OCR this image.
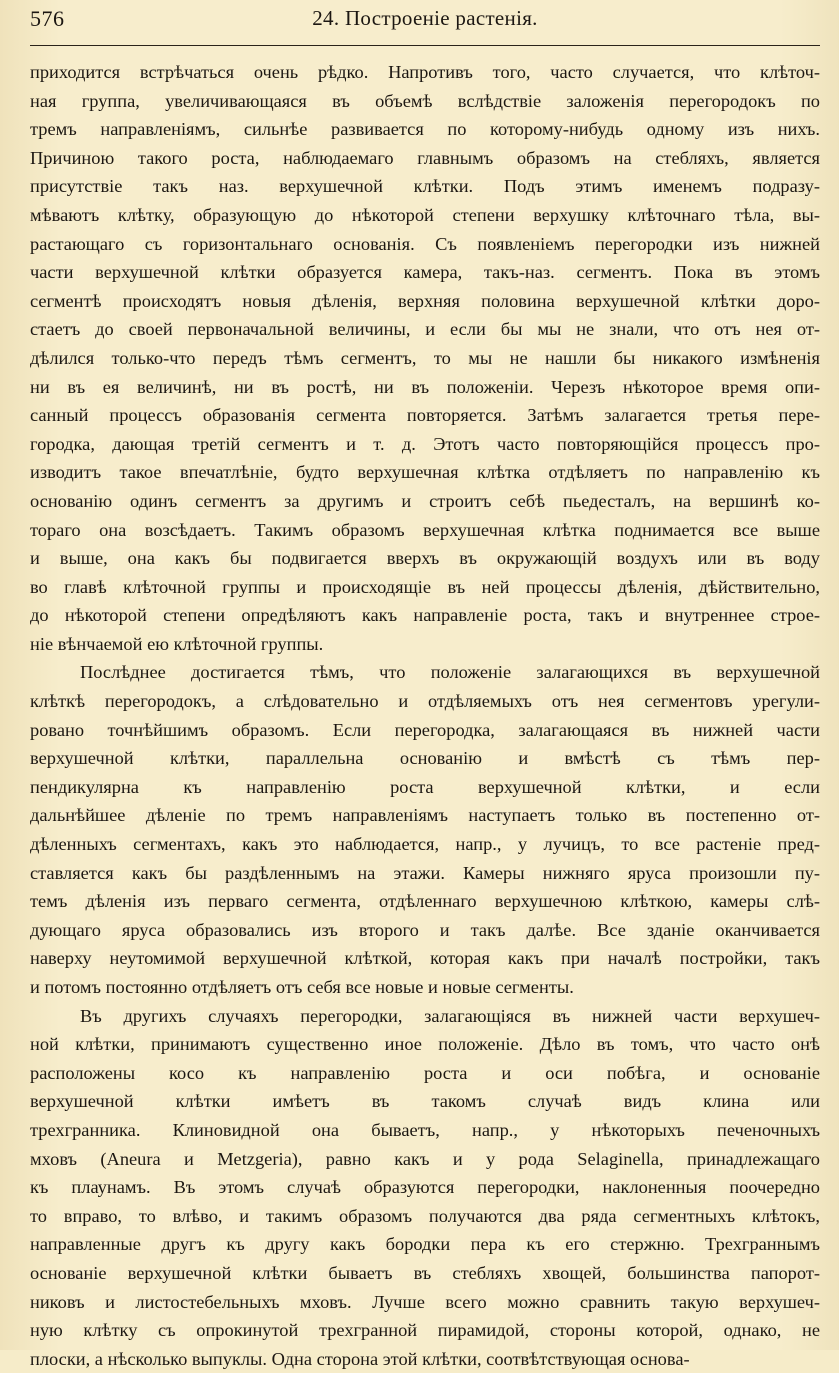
576	24. Построеніе растенія.
приходится встрѣчаться очень рѣдко. Напротивъ того, часто случается, что клѣточ-
ная группа, увеличивающаяся въ объемѣ вслѣдствіе заложенія перегородокъ по
тремъ направленіямъ, сильнѣе развивается по которому-нибудь одному изъ нихъ.
Причиною такого роста, наблюдаемаго главнымъ образомъ на стебляхъ, является
присутствіе такъ наз. верхушечной клѣтки. Подъ этимъ именемъ подразу-
мѣваютъ клѣтку, образующую до нѣкоторой степени верхушку клѣточнаго тѣла, вы-
растающаго съ горизонтальнаго основанія. Съ появленіемъ перегородки изъ нижней
части верхушечной клѣтки образуется камера, такъ-наз. сегментъ. Пока въ этомъ
сегментѣ происходятъ новыя дѣленія, верхняя половина верхушечной клѣтки доро-
стаетъ до своей первоначальной величины, и если бы мы не знали, что отъ нея от-
дѣлился только-что передъ тѣмъ сегментъ, то мы не нашли бы никакого измѣненія
ни въ ея величинѣ, ни въ ростѣ, ни въ положеніи. Черезъ нѣкоторое время опи-
санный процессъ образованія сегмента повторяется. Затѣмъ залагается третья пере-
городка, дающая третій сегментъ и т. д. Этотъ часто повторяющійся процессъ про-
изводитъ такое впечатлѣніе, будто верхушечная клѣтка отдѣляетъ по направленію къ
основанію одинъ сегментъ за другимъ и строитъ себѣ пьедесталъ, на вершинѣ ко-
тораго она возсѣдаетъ. Такимъ образомъ верхушечная клѣтка поднимается все выше
и выше, она какъ бы подвигается вверхъ въ окружающій воздухъ или въ воду
во главѣ клѣточной группы и происходящіе въ ней процессы дѣленія, дѣйствительно,
до нѣкоторой степени опредѣляютъ какъ направленіе роста, такъ и внутреннее строе-
ніе вѣнчаемой ею клѣточной группы.
Послѣднее достигается тѣмъ, что положеніе залагающихся въ верхушечной
клѣткѣ перегородокъ, а слѣдовательно и отдѣляемыхъ отъ нея сегментовъ урегули-
ровано точнѣйшимъ образомъ. Если перегородка, залагающаяся въ нижней части
верхушечной клѣтки, параллельна основанію и вмѣстѣ съ тѣмъ пер-
пендикулярна къ направленію роста верхушечной клѣтки, и если
дальнѣйшее дѣленіе по тремъ направленіямъ наступаетъ только въ постепенно от-
дѣленныхъ сегментахъ, какъ это наблюдается, напр., у лучицъ, то все растеніе пред-
ставляется какъ бы раздѣленнымъ на этажи. Камеры нижняго яруса произошли пу-
темъ дѣленія изъ перваго сегмента, отдѣленнаго верхушечною клѣткою, камеры слѣ-
дующаго яруса образовались изъ второго и такъ далѣе. Все зданіе оканчивается
наверху неутомимой верхушечной клѣткой, которая какъ при началѣ постройки, такъ
и потомъ постоянно отдѣляетъ отъ себя все новые и новые сегменты.
Въ другихъ случаяхъ перегородки, залагающіяся въ нижней части верхушеч-
ной клѣтки, принимаютъ существенно иное положеніе. Дѣло въ томъ, что часто онѣ
расположены косо къ направленію роста и оси побѣга, и основаніе
верхушечной клѣтки имѣетъ въ такомъ случаѣ видъ клина или
трехгранника. Клиновидной она бываетъ, напр., у нѣкоторыхъ печеночныхъ
мховъ (Aneura и Metzgeria), равно какъ и у рода Selaginella, принадлежащаго
къ плаунамъ. Въ этомъ случаѣ образуются перегородки, наклоненныя поочередно
то вправо, то влѣво, и такимъ образомъ получаются два ряда сегментныхъ клѣтокъ,
направленные другъ къ другу какъ бородки пера къ его стержню. Трехграннымъ
основаніе верхушечной клѣтки бываетъ въ стебляхъ хвощей, большинства папорот-
никовъ и листостебельныхъ мховъ. Лучше всего можно сравнить такую верхушеч-
ную клѣтку съ опрокинутой трехгранной пирамидой, стороны которой, однако, не
плоски, а нѣсколько выпуклы. Одна сторона этой клѣтки, соотвѣтствующая основа-
